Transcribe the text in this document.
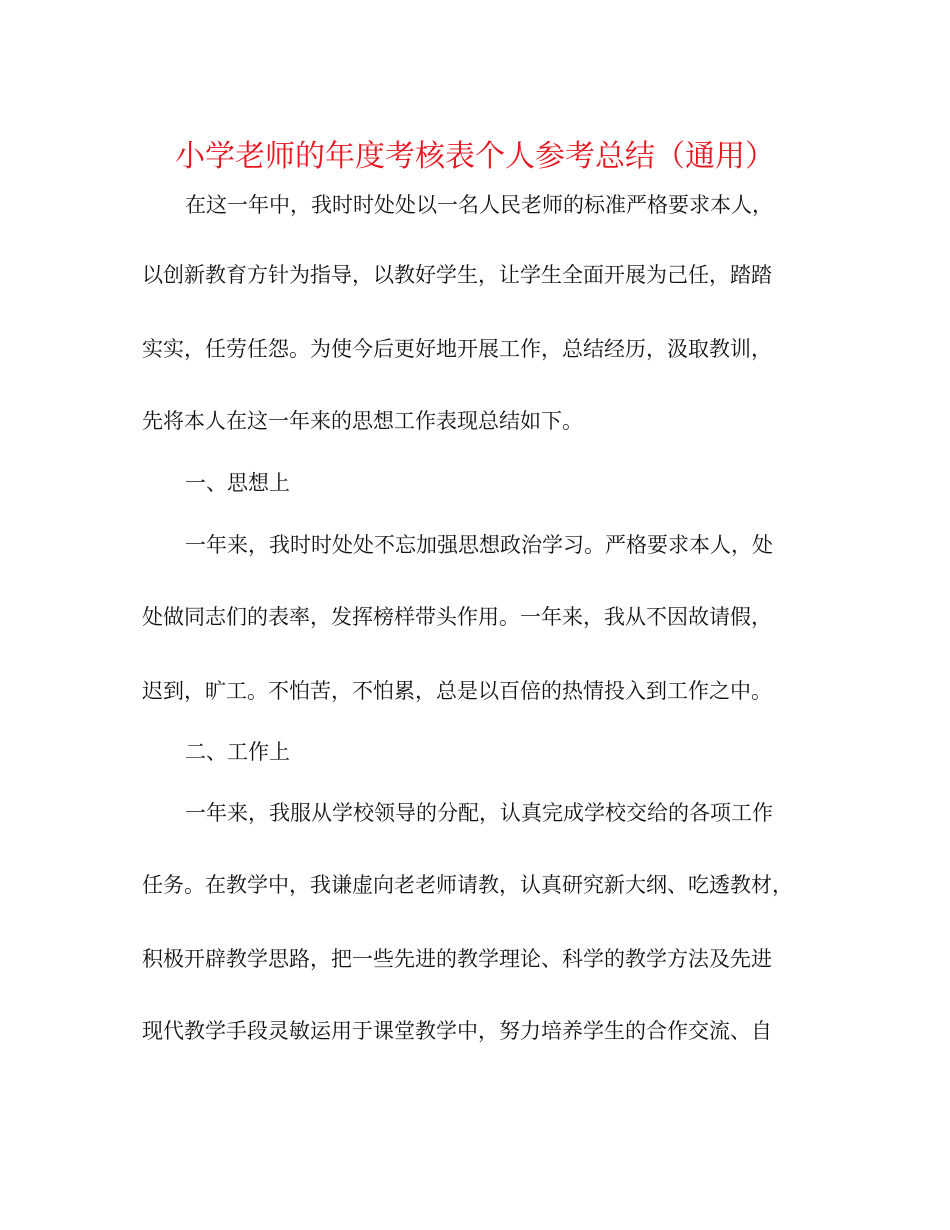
小学老师的年度考核表个人参考总结（通用）

在这一年中，我时时处处以一名人民老师的标准严格要求本人，

以创新教育方针为指导，以教好学生，让学生全面开展为己任，踏踏

实实，任劳任怨。为使今后更好地开展工作，总结经历，汲取教训，

先将本人在这一年来的思想工作表现总结如下。

一、思想上

一年来，我时时处处不忘加强思想政治学习。严格要求本人，处

处做同志们的表率，发挥榜样带头作用。一年来，我从不因故请假，

迟到，旷工。不怕苦，不怕累，总是以百倍的热情投入到工作之中。

二、工作上

一年来，我服从学校领导的分配，认真完成学校交给的各项工作

任务。在教学中，我谦虚向老老师请教，认真研究新大纲、吃透教材，

积极开辟教学思路，把一些先进的教学理论、科学的教学方法及先进

现代教学手段灵敏运用于课堂教学中，努力培养学生的合作交流、自
